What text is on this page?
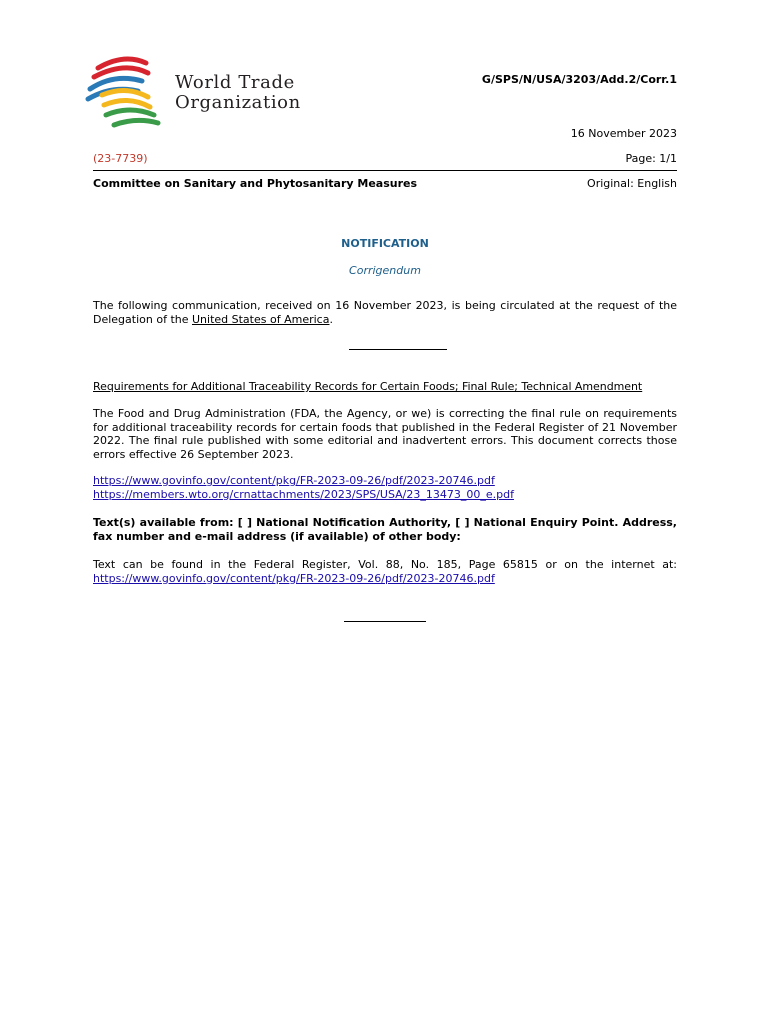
World Trade
Organization
G/SPS/N/USA/3203/Add.2/Corr.1
16 November 2023
(23-7739)	Page: 1/1
Committee on Sanitary and Phytosanitary Measures	Original: English
NOTIFICATION
Corrigendum
The following communication, received on 16 November 2023, is being circulated at the request of the Delegation of the United States of America.
Requirements for Additional Traceability Records for Certain Foods; Final Rule; Technical Amendment
The Food and Drug Administration (FDA, the Agency, or we) is correcting the final rule on requirements for additional traceability records for certain foods that published in the Federal Register of 21 November 2022. The final rule published with some editorial and inadvertent errors. This document corrects those errors effective 26 September 2023.
https://www.govinfo.gov/content/pkg/FR-2023-09-26/pdf/2023-20746.pdf
https://members.wto.org/crnattachments/2023/SPS/USA/23_13473_00_e.pdf
Text(s) available from: [ ] National Notification Authority, [ ] National Enquiry Point. Address, fax number and e-mail address (if available) of other body:
Text can be found in the Federal Register, Vol. 88, No. 185, Page 65815 or on the internet at: https://www.govinfo.gov/content/pkg/FR-2023-09-26/pdf/2023-20746.pdf
